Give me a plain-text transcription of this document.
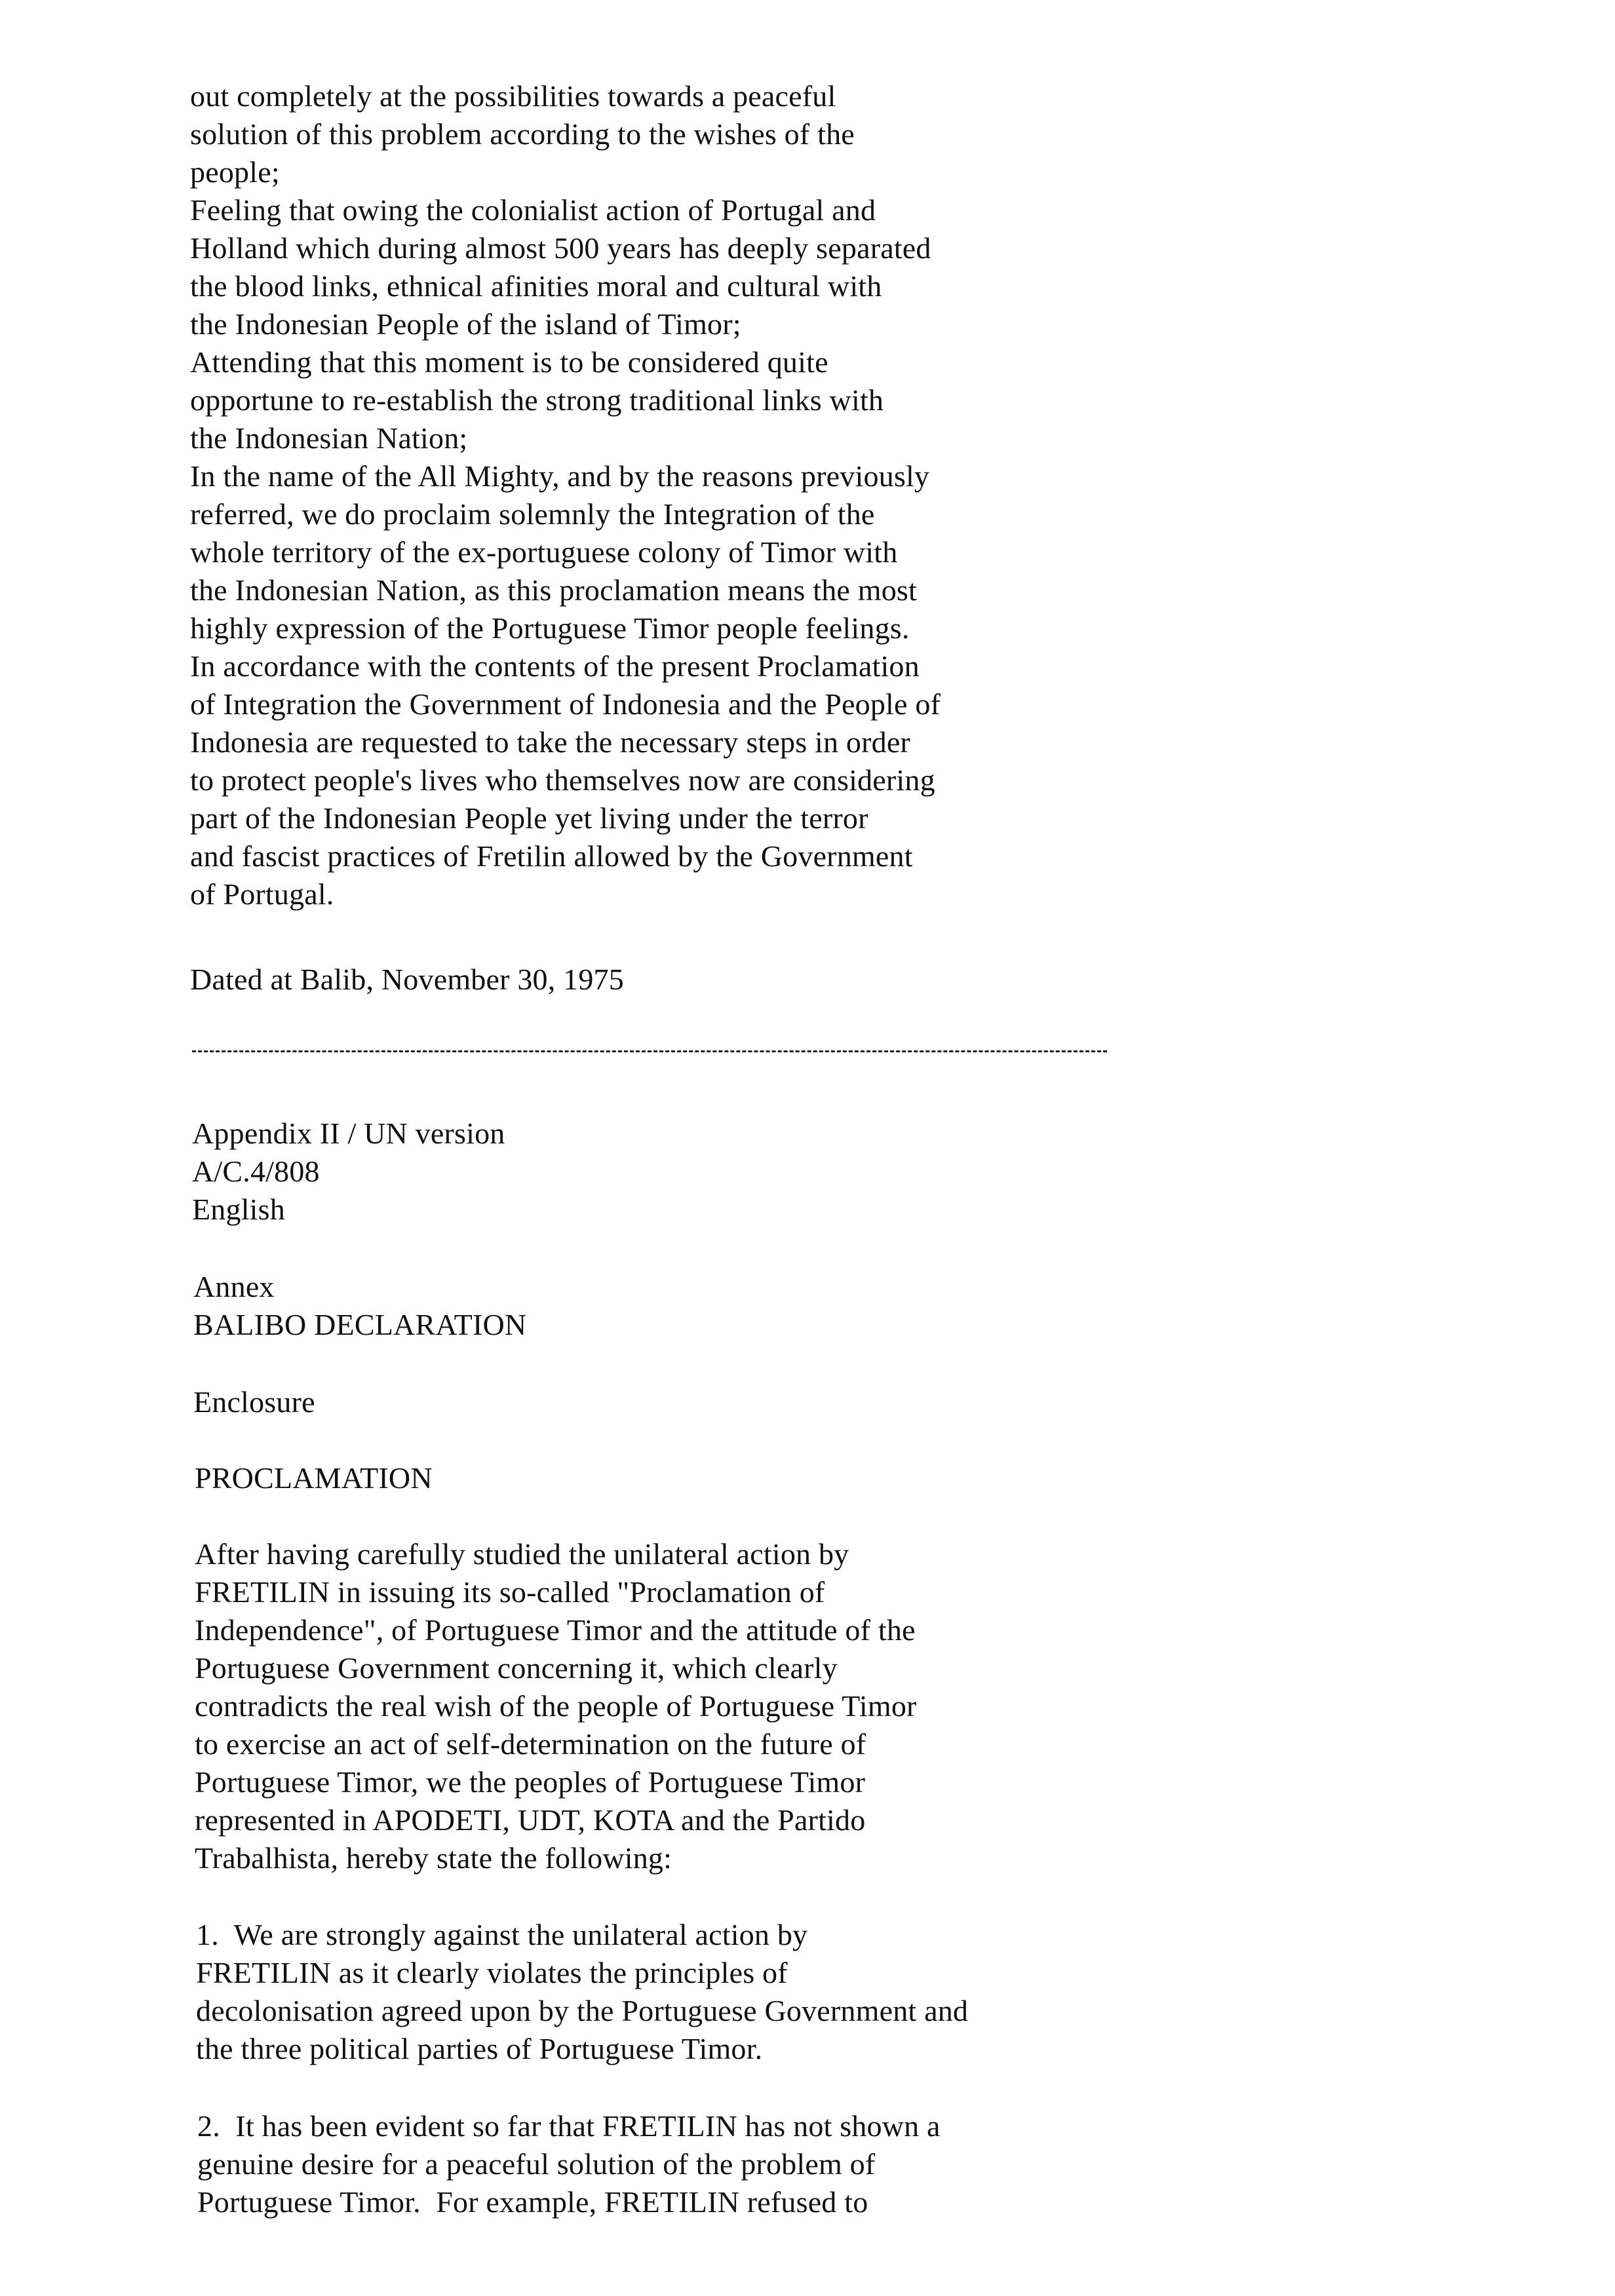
out completely at the possibilities towards a peaceful
solution of this problem according to the wishes of the
people;
Feeling that owing the colonialist action of Portugal and
Holland which during almost 500 years has deeply separated
the blood links, ethnical afinities moral and cultural with
the Indonesian People of the island of Timor;
Attending that this moment is to be considered quite
opportune to re-establish the strong traditional links with
the Indonesian Nation;
In the name of the All Mighty, and by the reasons previously
referred, we do proclaim solemnly the Integration of the
whole territory of the ex-portuguese colony of Timor with
the Indonesian Nation, as this proclamation means the most
highly expression of the Portuguese Timor people feelings.
In accordance with the contents of the present Proclamation
of Integration the Government of Indonesia and the People of
Indonesia are requested to take the necessary steps in order
to protect people's lives who themselves now are considering
part of the Indonesian People yet living under the terror
and fascist practices of Fretilin allowed by the Government
of Portugal.
Dated at Balib, November 30, 1975
Appendix II / UN version
A/C.4/808
English
Annex
BALIBO DECLARATION
Enclosure
PROCLAMATION
After having carefully studied the unilateral action by
FRETILIN in issuing its so-called "Proclamation of
Independence", of Portuguese Timor and the attitude of the
Portuguese Government concerning it, which clearly
contradicts the real wish of the people of Portuguese Timor
to exercise an act of self-determination on the future of
Portuguese Timor, we the peoples of Portuguese Timor
represented in APODETI, UDT, KOTA and the Partido
Trabalhista, hereby state the following:
1.  We are strongly against the unilateral action by
FRETILIN as it clearly violates the principles of
decolonisation agreed upon by the Portuguese Government and
the three political parties of Portuguese Timor.
2.  It has been evident so far that FRETILIN has not shown a
genuine desire for a peaceful solution of the problem of
Portuguese Timor.  For example, FRETILIN refused to
